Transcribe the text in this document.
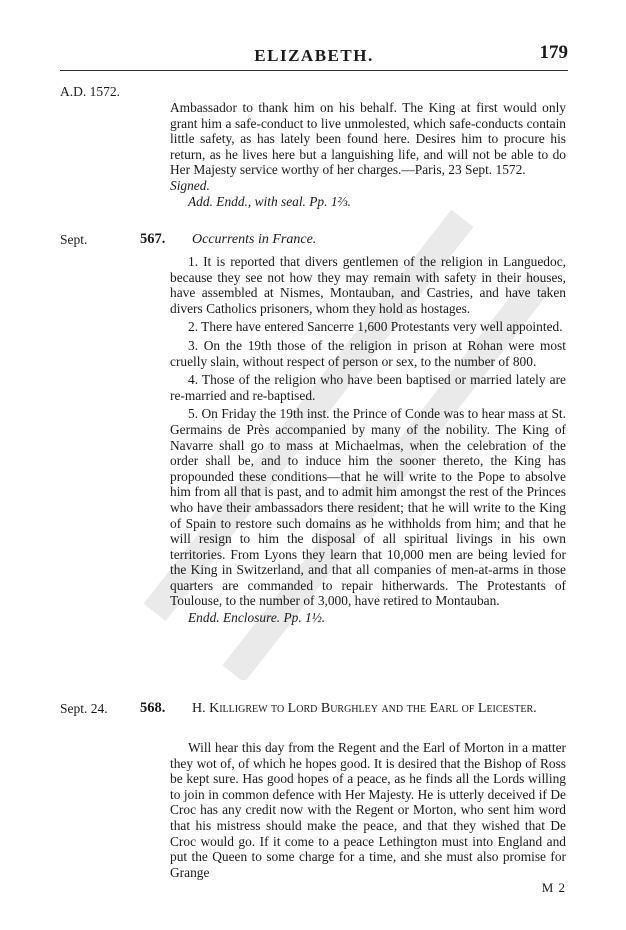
ELIZABETH.	179
A.D. 1572.

Ambassador to thank him on his behalf. The King at first would only grant him a safe-conduct to live unmolested, which safe-conducts contain little safety, as has lately been found here. Desires him to procure his return, as he lives here but a languishing life, and will not be able to do Her Majesty service worthy of her charges.—Paris, 23 Sept. 1572.

Signed.
Add. Endd., with seal. Pp. 1⅔.
Sept.	567. Occurrents in France.

1. It is reported that divers gentlemen of the religion in Languedoc, because they see not how they may remain with safety in their houses, have assembled at Nismes, Montauban, and Castries, and have taken divers Catholics prisoners, whom they hold as hostages.

2. There have entered Sancerre 1,600 Protestants very well appointed.

3. On the 19th those of the religion in prison at Rohan were most cruelly slain, without respect of person or sex, to the number of 800.

4. Those of the religion who have been baptised or married lately are re-married and re-baptised.

5. On Friday the 19th inst. the Prince of Conde was to hear mass at St. Germains de Près accompanied by many of the nobility. The King of Navarre shall go to mass at Michaelmas, when the celebration of the order shall be, and to induce him the sooner thereto, the King has propounded these conditions—that he will write to the Pope to absolve him from all that is past, and to admit him amongst the rest of the Princes who have their ambassadors there resident; that he will write to the King of Spain to restore such domains as he withholds from him; and that he will resign to him the disposal of all spiritual livings in his own territories. From Lyons they learn that 10,000 men are being levied for the King in Switzerland, and that all companies of men-at-arms in those quarters are commanded to repair hitherwards. The Protestants of Toulouse, to the number of 3,000, have retired to Montauban.

Endd. Enclosure. Pp. 1½.
Sept. 24. 568. H. Killigrew to Lord Burghley and the Earl of Leicester.

Will hear this day from the Regent and the Earl of Morton in a matter they wot of, of which he hopes good. It is desired that the Bishop of Ross be kept sure. Has good hopes of a peace, as he finds all the Lords willing to join in common defence with Her Majesty. He is utterly deceived if De Croc has any credit now with the Regent or Morton, who sent him word that his mistress should make the peace, and that they wished that De Croc would go. If it come to a peace Lethington must into England and put the Queen to some charge for a time, and she must also promise for Grange

M 2
